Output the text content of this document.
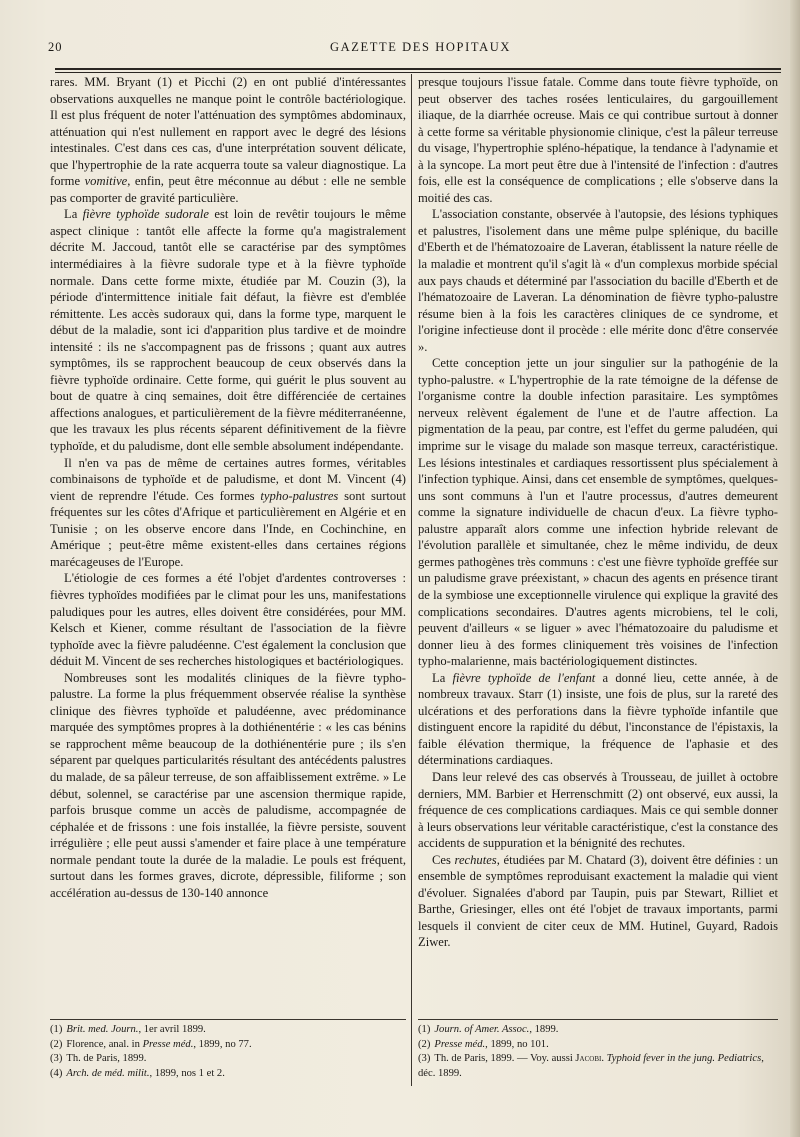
20	GAZETTE DES HOPITAUX

rares. MM. Bryant (1) et Picchi (2) en ont publié d'intéressantes observations auxquelles ne manque point le contrôle bactériologique. Il est plus fréquent de noter l'atténuation des symptômes abdominaux, atténuation qui n'est nullement en rapport avec le degré des lésions intestinales. C'est dans ces cas, d'une interprétation souvent délicate, que l'hypertrophie de la rate acquerra toute sa valeur diagnostique. La forme vomitive, enfin, peut être méconnue au début : elle ne semble pas comporter de gravité particulière.

La fièvre typhoïde sudorale est loin de revêtir toujours le même aspect clinique : tantôt elle affecte la forme qu'a magistralement décrite M. Jaccoud, tantôt elle se caractérise par des symptômes intermédiaires à la fièvre sudorale type et à la fièvre typhoïde normale. Dans cette forme mixte, étudiée par M. Couzin (3), la période d'intermittence initiale fait défaut, la fièvre est d'emblée rémittente. Les accès sudoraux qui, dans la forme type, marquent le début de la maladie, sont ici d'apparition plus tardive et de moindre intensité : ils ne s'accompagnent pas de frissons ; quant aux autres symptômes, ils se rapprochent beaucoup de ceux observés dans la fièvre typhoïde ordinaire. Cette forme, qui guérit le plus souvent au bout de quatre à cinq semaines, doit être différenciée de certaines affections analogues, et particulièrement de la fièvre méditerranéenne, que les travaux les plus récents séparent définitivement de la fièvre typhoïde, et du paludisme, dont elle semble absolument indépendante.

Il n'en va pas de même de certaines autres formes, véritables combinaisons de typhoïde et de paludisme, et dont M. Vincent (4) vient de reprendre l'étude. Ces formes typho-palustres sont surtout fréquentes sur les côtes d'Afrique et particulièrement en Algérie et en Tunisie ; on les observe encore dans l'Inde, en Cochinchine, en Amérique ; peut-être même existent-elles dans certaines régions marécageuses de l'Europe.

L'étiologie de ces formes a été l'objet d'ardentes controverses : fièvres typhoïdes modifiées par le climat pour les uns, manifestations paludiques pour les autres, elles doivent être considérées, pour MM. Kelsch et Kiener, comme résultant de l'association de la fièvre typhoïde avec la fièvre paludéenne. C'est également la conclusion que déduit M. Vincent de ses recherches histologiques et bactériologiques.

Nombreuses sont les modalités cliniques de la fièvre typho-palustre. La forme la plus fréquemment observée réalise la synthèse clinique des fièvres typhoïde et paludéenne, avec prédominance marquée des symptômes propres à la dothiénentérie : « les cas bénins se rapprochent même beaucoup de la dothiénentérie pure ; ils s'en séparent par quelques particularités résultant des antécédents palustres du malade, de sa pâleur terreuse, de son affaiblissement extrême. » Le début, solennel, se caractérise par une ascension thermique rapide, parfois brusque comme un accès de paludisme, accompagnée de céphalée et de frissons : une fois installée, la fièvre persiste, souvent irrégulière ; elle peut aussi s'amender et faire place à une température normale pendant toute la durée de la maladie. Le pouls est fréquent, surtout dans les formes graves, dicrote, dépressible, filiforme ; son accélération au-dessus de 130-140 annonce

presque toujours l'issue fatale. Comme dans toute fièvre typhoïde, on peut observer des taches rosées lenticulaires, du gargouillement iliaque, de la diarrhée ocreuse. Mais ce qui contribue surtout à donner à cette forme sa véritable physionomie clinique, c'est la pâleur terreuse du visage, l'hypertrophie spléno-hépatique, la tendance à l'adynamie et à la syncope. La mort peut être due à l'intensité de l'infection : d'autres fois, elle est la conséquence de complications ; elle s'observe dans la moitié des cas.

L'association constante, observée à l'autopsie, des lésions typhiques et palustres, l'isolement dans une même pulpe splénique, du bacille d'Eberth et de l'hématozoaire de Laveran, établissent la nature réelle de la maladie et montrent qu'il s'agit là « d'un complexus morbide spécial aux pays chauds et déterminé par l'association du bacille d'Eberth et de l'hématozoaire de Laveran. La dénomination de fièvre typho-palustre résume bien à la fois les caractères cliniques de ce syndrome, et l'origine infectieuse dont il procède : elle mérite donc d'être conservée ».

Cette conception jette un jour singulier sur la pathogénie de la typho-palustre. « L'hypertrophie de la rate témoigne de la défense de l'organisme contre la double infection parasitaire. Les symptômes nerveux relèvent également de l'une et de l'autre affection. La pigmentation de la peau, par contre, est l'effet du germe paludéen, qui imprime sur le visage du malade son masque terreux, caractéristique. Les lésions intestinales et cardiaques ressortissent plus spécialement à l'infection typhique. Ainsi, dans cet ensemble de symptômes, quelques-uns sont communs à l'un et l'autre processus, d'autres demeurent comme la signature individuelle de chacun d'eux. La fièvre typho-palustre apparaît alors comme une infection hybride relevant de l'évolution parallèle et simultanée, chez le même individu, de deux germes pathogènes très communs : c'est une fièvre typhoïde greffée sur un paludisme grave préexistant, » chacun des agents en présence tirant de la symbiose une exceptionnelle virulence qui explique la gravité des complications secondaires. D'autres agents microbiens, tel le coli, peuvent d'ailleurs « se liguer » avec l'hématozoaire du paludisme et donner lieu à des formes cliniquement très voisines de l'infection typho-malarienne, mais bactériologiquement distinctes.

La fièvre typhoïde de l'enfant a donné lieu, cette année, à de nombreux travaux. Starr (1) insiste, une fois de plus, sur la rareté des ulcérations et des perforations dans la fièvre typhoïde infantile que distinguent encore la rapidité du début, l'inconstance de l'épistaxis, la faible élévation thermique, la fréquence de l'aphasie et des déterminations cardiaques.

Dans leur relevé des cas observés à Trousseau, de juillet à octobre derniers, MM. Barbier et Herrenschmitt (2) ont observé, eux aussi, la fréquence de ces complications cardiaques. Mais ce qui semble donner à leurs observations leur véritable caractéristique, c'est la constance des accidents de suppuration et la bénignité des rechutes.

Ces rechutes, étudiées par M. Chatard (3), doivent être définies : un ensemble de symptômes reproduisant exactement la maladie qui vient d'évoluer. Signalées d'abord par Taupin, puis par Stewart, Rilliet et Barthe, Griesinger, elles ont été l'objet de travaux importants, parmi lesquels il convient de citer ceux de MM. Hutinel, Guyard, Radois Ziwer.

(1) Brit. med. Journ., 1er avril 1899.

(2) Florence, anal. in Presse méd., 1899, no 77.

(3) Th. de Paris, 1899.

(4) Arch. de méd. milit., 1899, nos 1 et 2.

(1) Journ. of Amer. Assoc., 1899.

(2) Presse méd., 1899, no 101.

(3) Th. de Paris, 1899. — Voy. aussi Jacobi. Typhoid fever in the jung. Pediatrics, déc. 1899.
